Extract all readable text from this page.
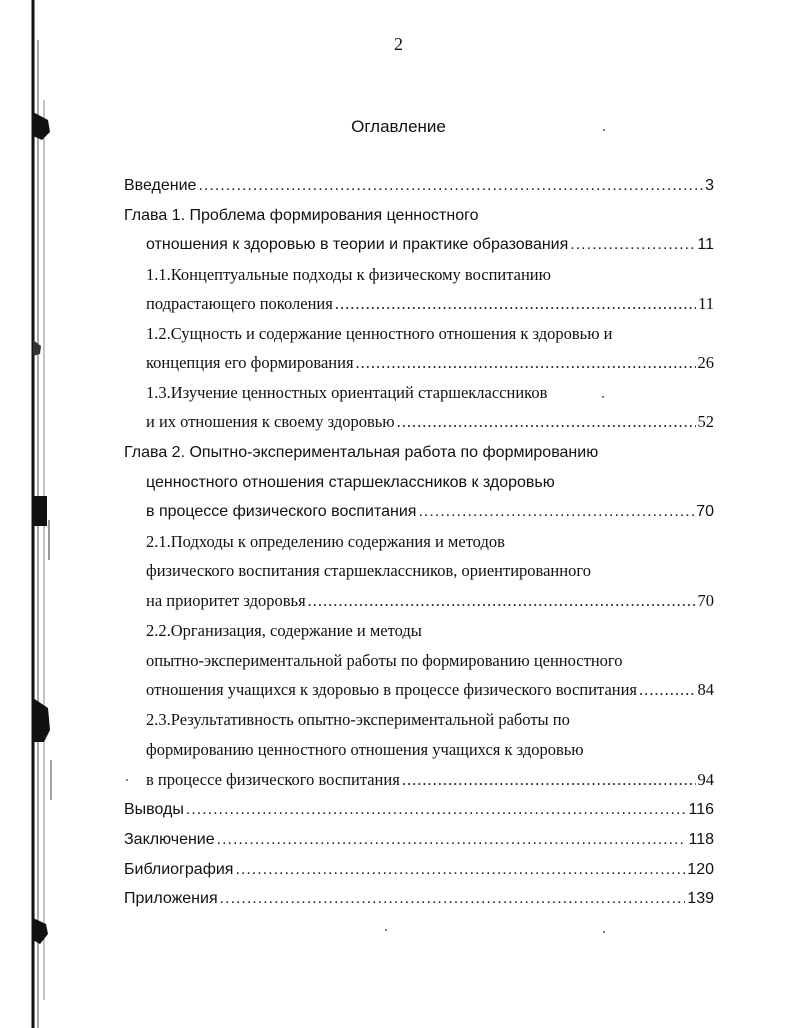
2
Оглавление
Введение .....	3
Глава 1. Проблема формирования ценностного
отношения к здоровью в теории и практике образования .....	11
1.1.Концептуальные подходы к физическому воспитанию
подрастающего поколения .....	11
1.2.Сущность и содержание ценностного отношения к здоровью и
концепция его формирования .....	26
1.3.Изучение ценностных ориентаций старшеклассников
и их отношения к своему здоровью .....	52
Глава 2. Опытно-экспериментальная работа по формированию
ценностного отношения старшеклассников к здоровью
в процессе физического воспитания .....	70
2.1.Подходы к определению содержания и методов
физического воспитания старшеклассников, ориентированного
на приоритет здоровья .....	70
2.2.Организация, содержание и методы
опытно-экспериментальной работы по формированию ценностного
отношения учащихся к здоровью в процессе физического воспитания .....	84
2.3.Результативность опытно-экспериментальной работы по
формированию ценностного отношения учащихся к здоровью
в процессе физического воспитания .....	94
Выводы .....	116
Заключение .....	118
Библиография .....	120
Приложения .....	139
